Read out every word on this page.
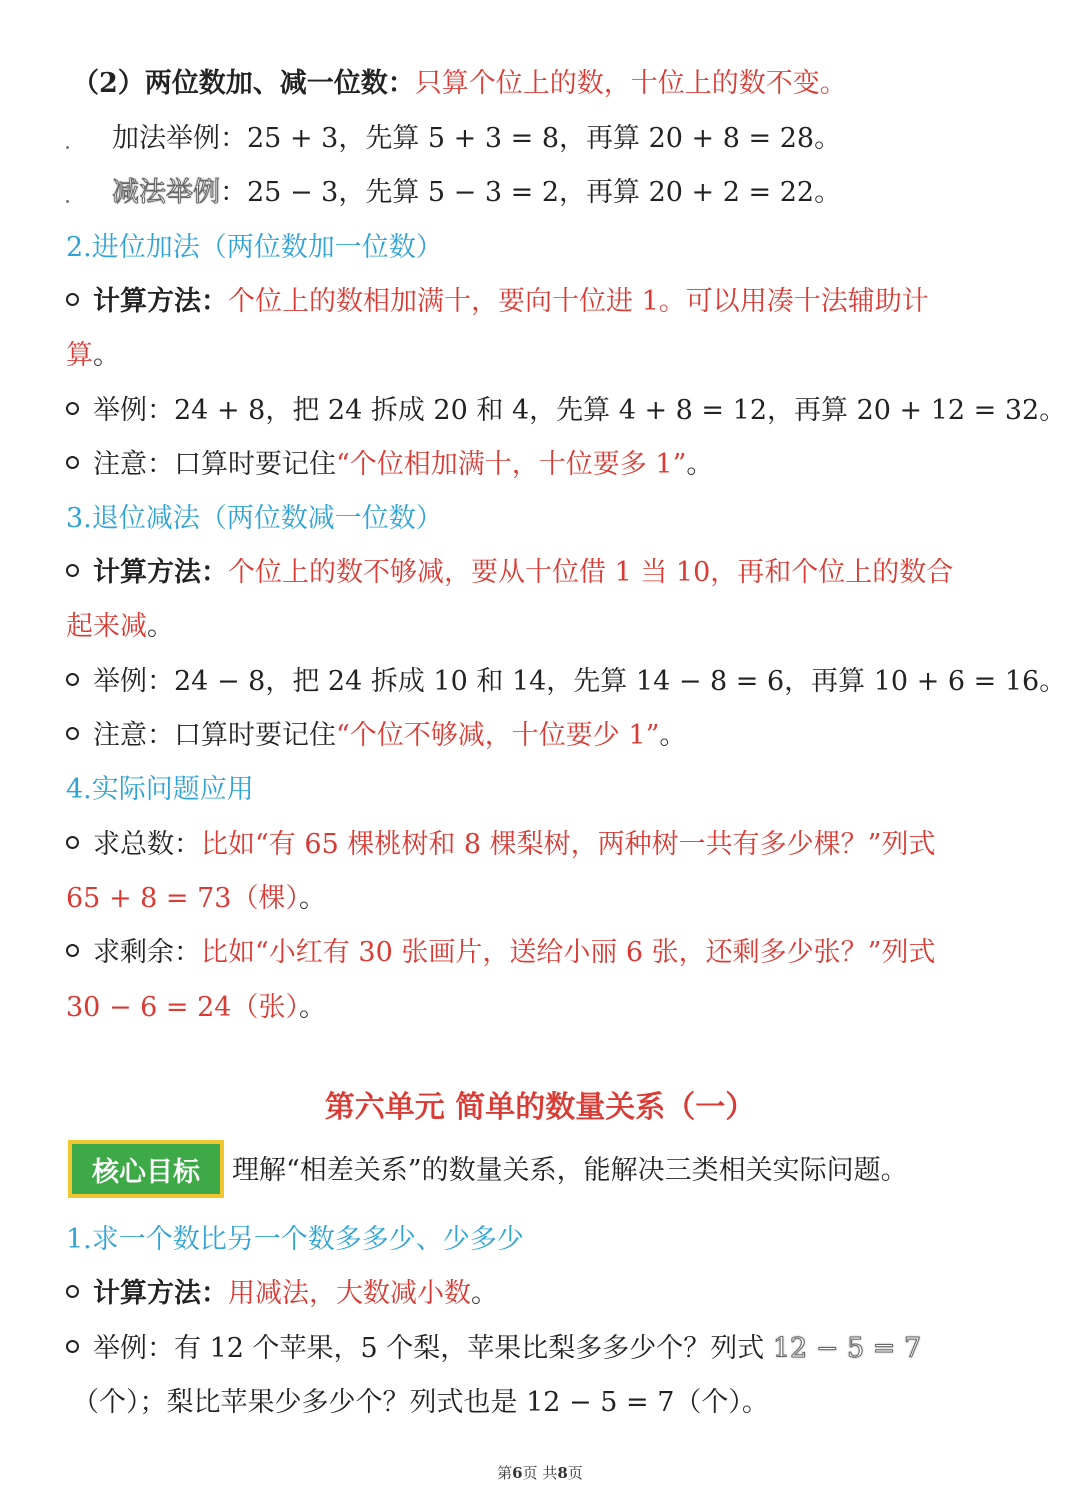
（2）两位数加、减一位数：只算个位上的数，十位上的数不变。
加法举例：25 + 3，先算 5 + 3 = 8，再算 20 + 8 = 28。
减法举例：25 − 3，先算 5 − 3 = 2，再算 20 + 2 = 22。
2.进位加法（两位数加一位数）
计算方法：个位上的数相加满十，要向十位进 1。可以用凑十法辅助计
算。
举例：24 + 8，把 24 拆成 20 和 4，先算 4 + 8 = 12，再算 20 + 12 = 32。
注意：口算时要记住“个位相加满十，十位要多 1”。
3.退位减法（两位数减一位数）
计算方法：个位上的数不够减，要从十位借 1 当 10，再和个位上的数合
起来减。
举例：24 − 8，把 24 拆成 10 和 14，先算 14 − 8 = 6，再算 10 + 6 = 16。
注意：口算时要记住“个位不够减，十位要少 1”。
4.实际问题应用
求总数：比如“有 65 棵桃树和 8 棵梨树，两种树一共有多少棵？”列式
65 + 8 = 73（棵）。
求剩余：比如“小红有 30 张画片，送给小丽 6 张，还剩多少张？”列式
30 − 6 = 24（张）。
第六单元 简单的数量关系（一）
核心目标	理解“相差关系”的数量关系，能解决三类相关实际问题。
1.求一个数比另一个数多多少、少多少
计算方法：用减法，大数减小数。
举例：有 12 个苹果，5 个梨，苹果比梨多多少个？列式 12 − 5 = 7
（个）；梨比苹果少多少个？列式也是 12 − 5 = 7（个）。
第6页 共8页
